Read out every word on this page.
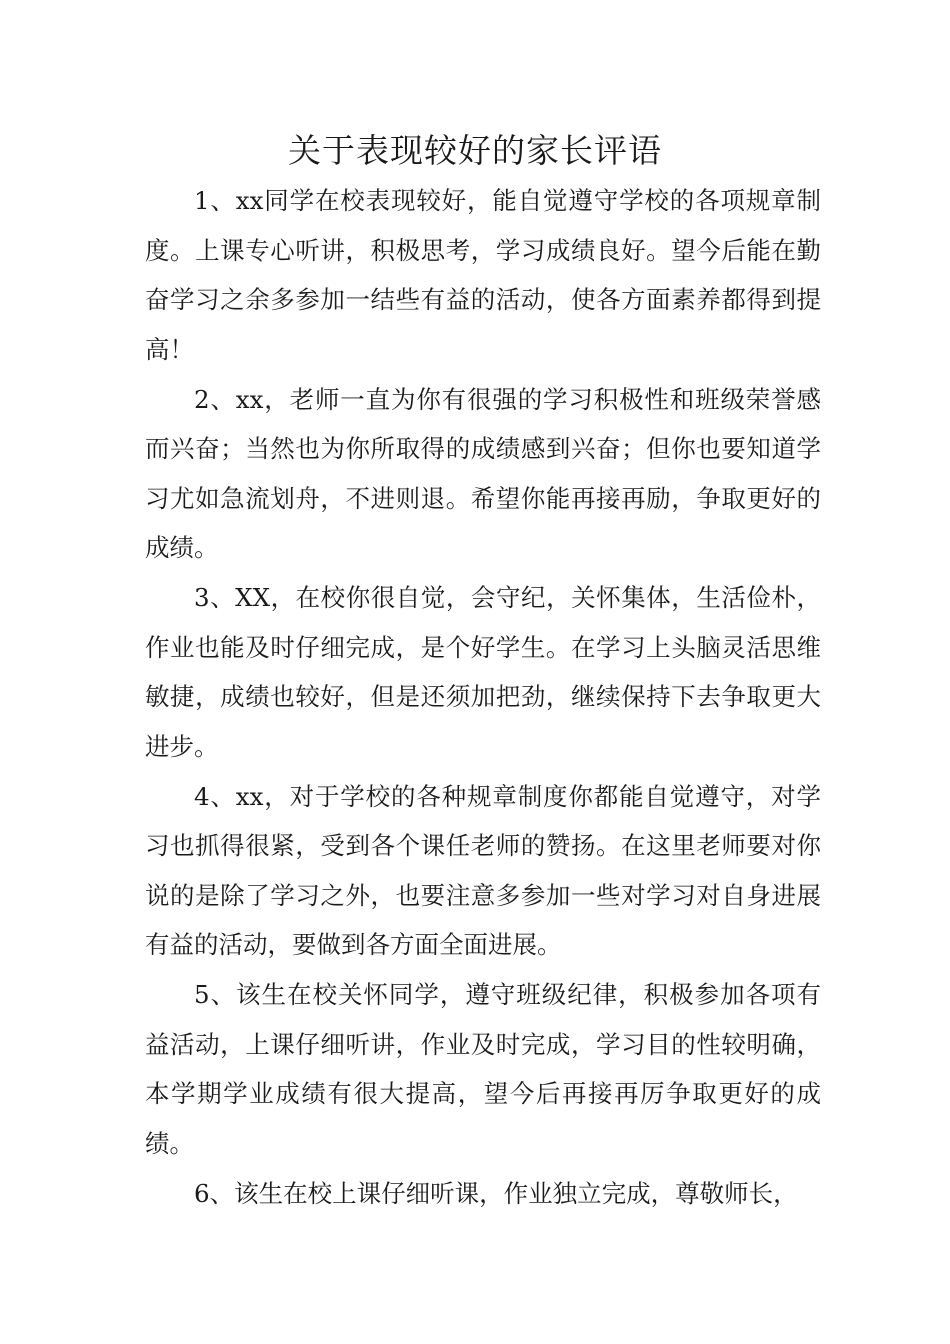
关于表现较好的家长评语

1、xx同学在校表现较好，能自觉遵守学校的各项规章制度。上课专心听讲，积极思考，学习成绩良好。望今后能在勤奋学习之余多参加一结些有益的活动，使各方面素养都得到提高！

2、xx，老师一直为你有很强的学习积极性和班级荣誉感而兴奋；当然也为你所取得的成绩感到兴奋；但你也要知道学习尤如急流划舟，不进则退。希望你能再接再励，争取更好的成绩。

3、XX，在校你很自觉，会守纪，关怀集体，生活俭朴，作业也能及时仔细完成，是个好学生。在学习上头脑灵活思维敏捷，成绩也较好，但是还须加把劲，继续保持下去争取更大进步。

4、xx，对于学校的各种规章制度你都能自觉遵守，对学习也抓得很紧，受到各个课任老师的赞扬。在这里老师要对你说的是除了学习之外，也要注意多参加一些对学习对自身进展有益的活动，要做到各方面全面进展。

5、该生在校关怀同学，遵守班级纪律，积极参加各项有益活动，上课仔细听讲，作业及时完成，学习目的性较明确，本学期学业成绩有很大提高，望今后再接再厉争取更好的成绩。

6、该生在校上课仔细听课，作业独立完成，尊敬师长，
